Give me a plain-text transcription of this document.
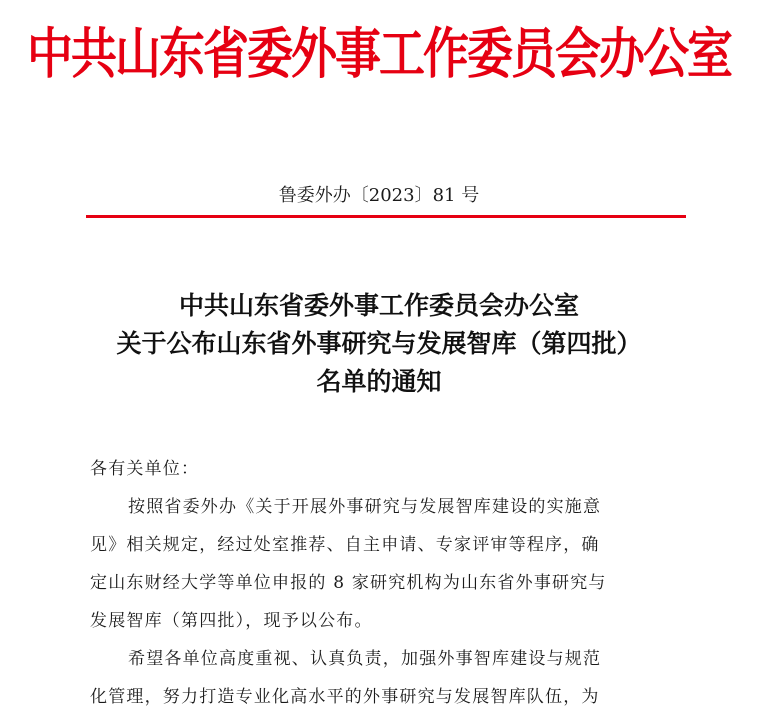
中共山东省委外事工作委员会办公室
鲁委外办〔2023〕81 号
中共山东省委外事工作委员会办公室
关于公布山东省外事研究与发展智库（第四批）
名单的通知
各有关单位：
按照省委外办《关于开展外事研究与发展智库建设的实施意
见》相关规定，经过处室推荐、自主申请、专家评审等程序，确
定山东财经大学等单位申报的 8 家研究机构为山东省外事研究与
发展智库（第四批），现予以公布。
希望各单位高度重视、认真负责，加强外事智库建设与规范
化管理，努力打造专业化高水平的外事研究与发展智库队伍，为
